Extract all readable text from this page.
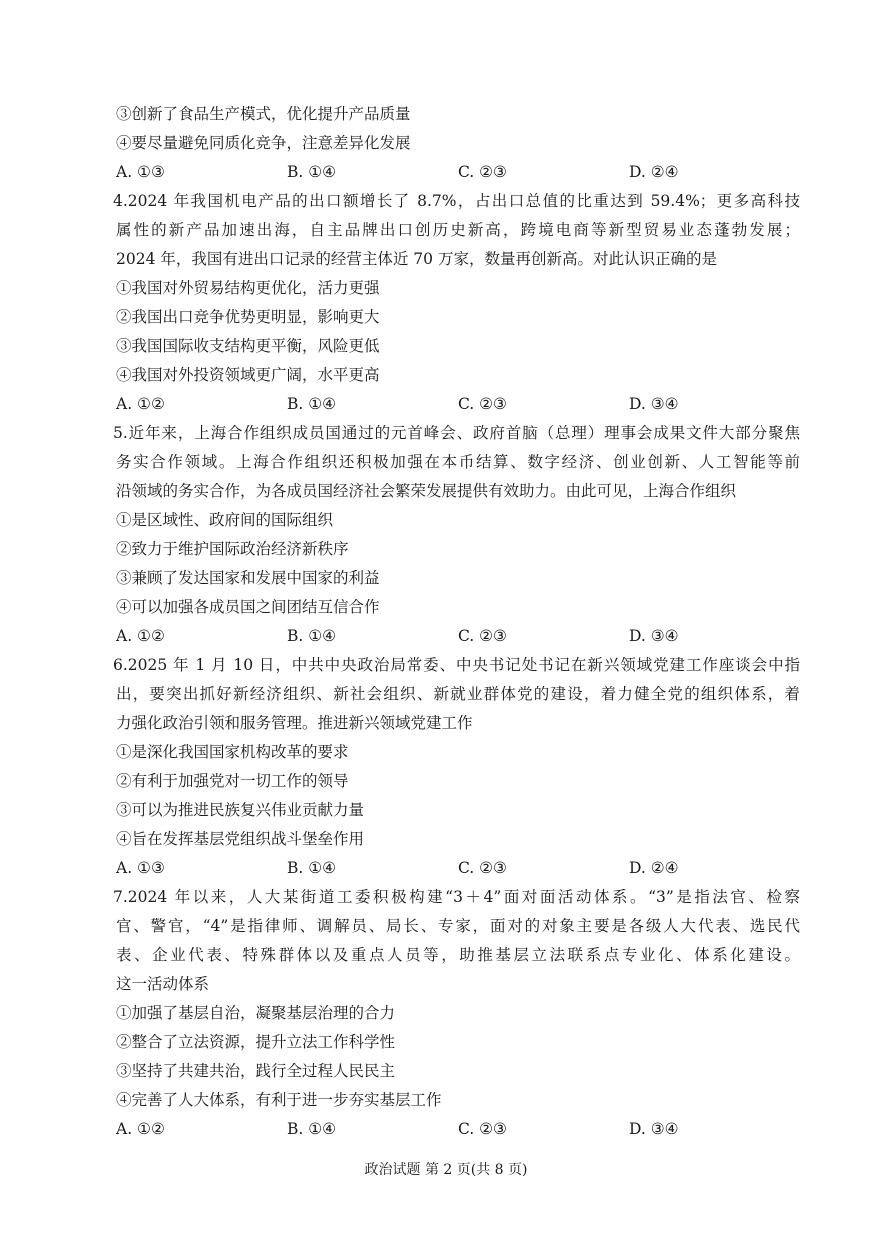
③创新了食品生产模式，优化提升产品质量
④要尽量避免同质化竞争，注意差异化发展
A. ①③	B. ①④	C. ②③	D. ②④
4.2024 年我国机电产品的出口额增长了 8.7%，占出口总值的比重达到 59.4%；更多高科技
属性的新产品加速出海，自主品牌出口创历史新高，跨境电商等新型贸易业态蓬勃发展；
2024 年，我国有进出口记录的经营主体近 70 万家，数量再创新高。对此认识正确的是
①我国对外贸易结构更优化，活力更强
②我国出口竞争优势更明显，影响更大
③我国国际收支结构更平衡，风险更低
④我国对外投资领域更广阔，水平更高
A. ①②	B. ①④	C. ②③	D. ③④
5.近年来，上海合作组织成员国通过的元首峰会、政府首脑（总理）理事会成果文件大部分聚焦
务实合作领域。上海合作组织还积极加强在本币结算、数字经济、创业创新、人工智能等前
沿领域的务实合作，为各成员国经济社会繁荣发展提供有效助力。由此可见，上海合作组织
①是区域性、政府间的国际组织
②致力于维护国际政治经济新秩序
③兼顾了发达国家和发展中国家的利益
④可以加强各成员国之间团结互信合作
A. ①②	B. ①④	C. ②③	D. ③④
6.2025 年 1 月 10 日，中共中央政治局常委、中央书记处书记在新兴领域党建工作座谈会中指
出，要突出抓好新经济组织、新社会组织、新就业群体党的建设，着力健全党的组织体系，着
力强化政治引领和服务管理。推进新兴领域党建工作
①是深化我国国家机构改革的要求
②有利于加强党对一切工作的领导
③可以为推进民族复兴伟业贡献力量
④旨在发挥基层党组织战斗堡垒作用
A. ①③	B. ①④	C. ②③	D. ②④
7.2024 年以来，人大某街道工委积极构建“3＋4”面对面活动体系。“3”是指法官、检察
官、警官，“4”是指律师、调解员、局长、专家，面对的对象主要是各级人大代表、选民代
表、企业代表、特殊群体以及重点人员等，助推基层立法联系点专业化、体系化建设。
这一活动体系
①加强了基层自治，凝聚基层治理的合力
②整合了立法资源，提升立法工作科学性
③坚持了共建共治，践行全过程人民民主
④完善了人大体系，有利于进一步夯实基层工作
A. ①②	B. ①④	C. ②③	D. ③④
政治试题 第 2 页(共 8 页)
